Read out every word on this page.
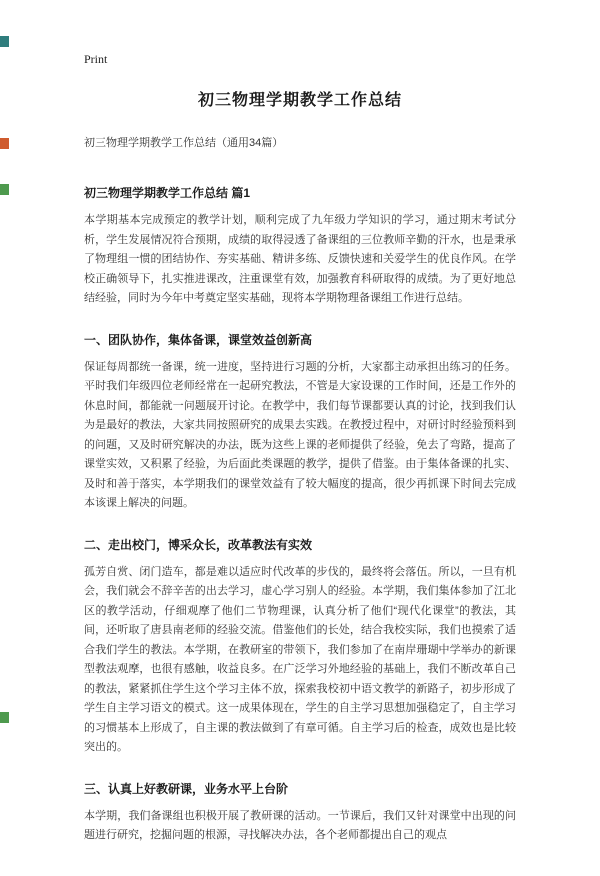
Print
初三物理学期教学工作总结
初三物理学期教学工作总结（通用34篇）
初三物理学期教学工作总结 篇1

本学期基本完成预定的教学计划，顺利完成了九年级力学知识的学习，通过期末考试分析，学生发展情况符合预期，成绩的取得浸透了备课组的三位教师辛勤的汗水，也是秉承了物理组一惯的团结协作、夯实基础、精讲多练、反馈快速和关爱学生的优良作风。在学校正确领导下，扎实推进课改，注重课堂有效，加强教育科研取得的成绩。为了更好地总结经验，同时为今年中考奠定坚实基础，现将本学期物理备课组工作进行总结。

一、团队协作，集体备课，课堂效益创新高

保证每周都统一备课，统一进度，坚持进行习题的分析，大家都主动承担出练习的任务。平时我们年级四位老师经常在一起研究教法，不管是大家设课的工作时间，还是工作外的休息时间，都能就一问题展开讨论。在教学中，我们每节课都要认真的讨论，找到我们认为是最好的教法，大家共同按照研究的成果去实践。在教授过程中，对研讨时经验预料到的问题，又及时研究解决的办法，既为这些上课的老师提供了经验，免去了弯路，提高了课堂实效，又积累了经验，为后面此类课题的教学，提供了借鉴。由于集体备课的扎实、及时和善于落实，本学期我们的课堂效益有了较大幅度的提高，很少再抓课下时间去完成本该课上解决的问题。

二、走出校门，博采众长，改革教法有实效

孤芳自赏、闭门造车，都是难以适应时代改革的步伐的，最终将会落伍。所以，一旦有机会，我们就会不辞辛苦的出去学习，虚心学习别人的经验。本学期，我们集体参加了江北区的教学活动，仔细观摩了他们二节物理课，认真分析了他们“现代化课堂”的教法，其间，还听取了唐县南老师的经验交流。借鉴他们的长处，结合我校实际，我们也摸索了适合我们学生的教法。本学期，在教研室的带领下，我们参加了在南岸珊瑚中学举办的新课型教法观摩，也很有感触，收益良多。在广泛学习外地经验的基础上，我们不断改革自己的教法，紧紧抓住学生这个学习主体不放，探索我校初中语文教学的新路子，初步形成了学生自主学习语文的模式。这一成果体现在，学生的自主学习思想加强稳定了，自主学习的习惯基本上形成了，自主课的教法做到了有章可循。自主学习后的检查，成效也是比较突出的。

三、认真上好教研课，业务水平上台阶

本学期，我们备课组也积极开展了教研课的活动。一节课后，我们又针对课堂中出现的问题进行研究，挖掘问题的根源，寻找解决办法，各个老师都提出自己的观点
